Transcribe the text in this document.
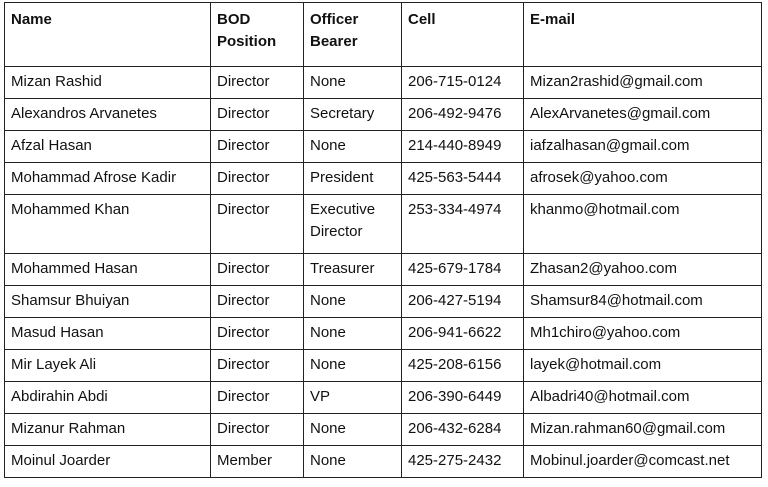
Name	BOD Position	Officer Bearer	Cell	E-mail
Mizan Rashid	Director	None	206-715-0124	Mizan2rashid@gmail.com
Alexandros Arvanetes	Director	Secretary	206-492-9476	AlexArvanetes@gmail.com
Afzal Hasan	Director	None	214-440-8949	iafzalhasan@gmail.com
Mohammad Afrose Kadir	Director	President	425-563-5444	afrosek@yahoo.com
Mohammed Khan	Director	Executive Director	253-334-4974	khanmo@hotmail.com
Mohammed Hasan	Director	Treasurer	425-679-1784	Zhasan2@yahoo.com
Shamsur Bhuiyan	Director	None	206-427-5194	Shamsur84@hotmail.com
Masud Hasan	Director	None	206-941-6622	Mh1chiro@yahoo.com
Mir Layek Ali	Director	None	425-208-6156	layek@hotmail.com
Abdirahin Abdi	Director	VP	206-390-6449	Albadri40@hotmail.com
Mizanur Rahman	Director	None	206-432-6284	Mizan.rahman60@gmail.com
Moinul Joarder	Member	None	425-275-2432	Mobinul.joarder@comcast.net
